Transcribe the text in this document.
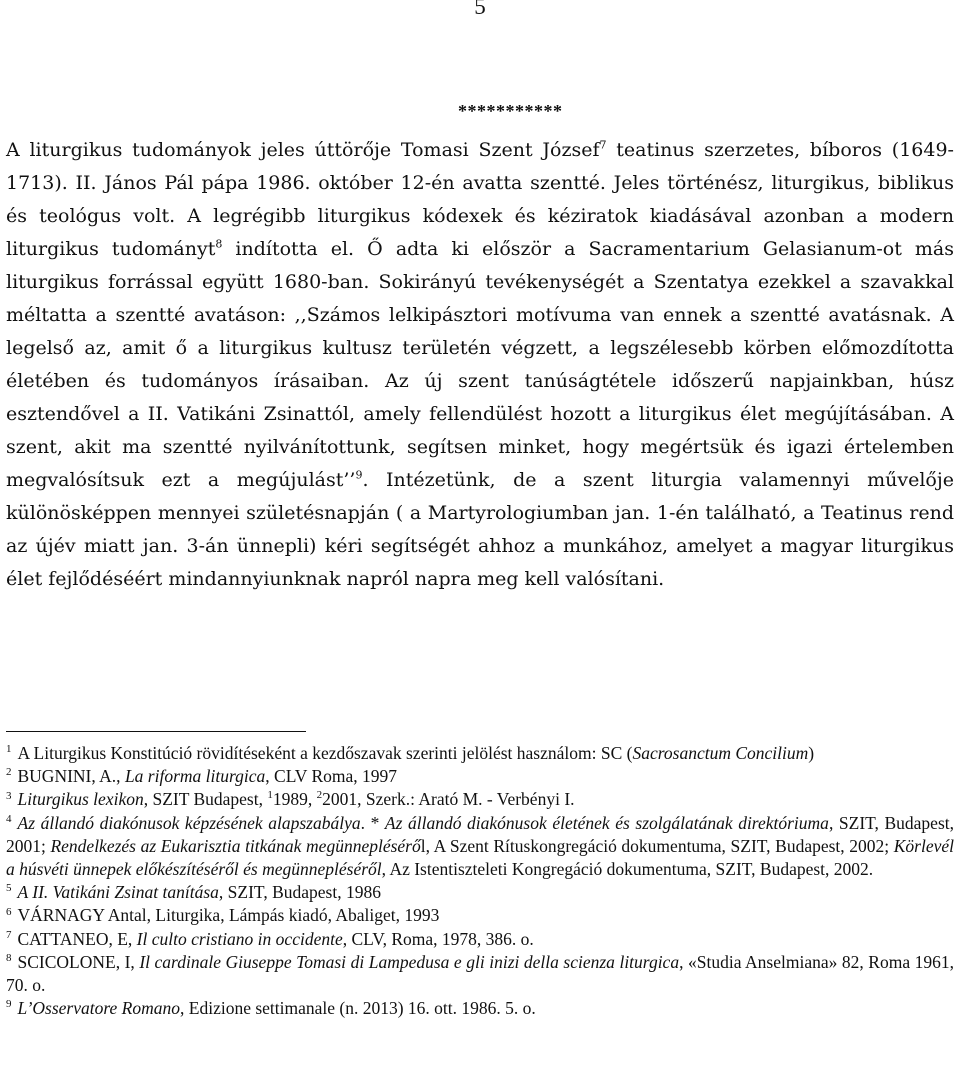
5
***********

A liturgikus tudományok jeles úttörője Tomasi Szent József$^7$ teatinus szerzetes, bíboros (1649-1713). II. János Pál pápa 1986. október 12-én avatta szentté. Jeles történész, liturgikus, biblikus és teológus volt. A legrégibb liturgikus kódexek és kéziratok kiadásával azonban a modern liturgikus tudományt$^8$ indította el. Ő adta ki először a Sacramentarium Gelasianum-ot más liturgikus forrással együtt 1680-ban. Sokirányú tevékenységét a Szentatya ezekkel a szavakkal méltatta a szentté avatáson: ,,Számos lelkipásztori motívuma van ennek a szentté avatásnak. A legelső az, amit ő a liturgikus kultusz területén végzett, a legszélesebb körben előmozdította életében és tudományos írásaiban. Az új szent tanúságtétele időszerű napjainkban, húsz esztendővel a II. Vatikáni Zsinattól, amely fellendülést hozott a liturgikus élet megújításában. A szent, akit ma szentté nyilvánítottunk, segítsen minket, hogy megértsük és igazi értelemben megvalósítsuk ezt a megújulást’’$^9$. Intézetünk, de a szent liturgia valamennyi művelője különösképpen mennyei születésnapján ( a Martyrologiumban jan. 1-én található, a Teatinus rend az újév miatt jan. 3-án ünnepli) kéri segítségét ahhoz a munkához, amelyet a magyar liturgikus élet fejlődéséért mindannyiunknak napról napra meg kell valósítani.

$^1$ A Liturgikus Konstitúció rövidítéseként a kezdőszavak szerinti jelölést használom: SC (Sacrosanctum Concilium)

$^2$ BUGNINI, A., La riforma liturgica, CLV Roma, 1997

$^3$ Liturgikus lexikon, SZIT Budapest, $^1$1989, $^2$2001, Szerk.: Arató M. - Verbényi I.

$^4$ Az állandó diakónusok képzésének alapszabálya. * Az állandó diakónusok életének és szolgálatának direktóriuma, SZIT, Budapest, 2001; Rendelkezés az Eukarisztia titkának megünnepléséről, A Szent Rítuskongregáció dokumentuma, SZIT, Budapest, 2002; Körlevél a húsvéti ünnepek előkészítéséről és megünnepléséről, Az Istentiszteleti Kongregáció dokumentuma, SZIT, Budapest, 2002.

$^5$ A II. Vatikáni Zsinat tanítása, SZIT, Budapest, 1986

$^6$ VÁRNAGY Antal, Liturgika, Lámpás kiadó, Abaliget, 1993

$^7$ CATTANEO, E, Il culto cristiano in occidente, CLV, Roma, 1978, 386. o.

$^8$ SCICOLONE, I, Il cardinale Giuseppe Tomasi di Lampedusa e gli inizi della scienza liturgica, «Studia Anselmiana» 82, Roma 1961, 70. o.

$^9$ L’Osservatore Romano, Edizione settimanale (n. 2013) 16. ott. 1986. 5. o.
